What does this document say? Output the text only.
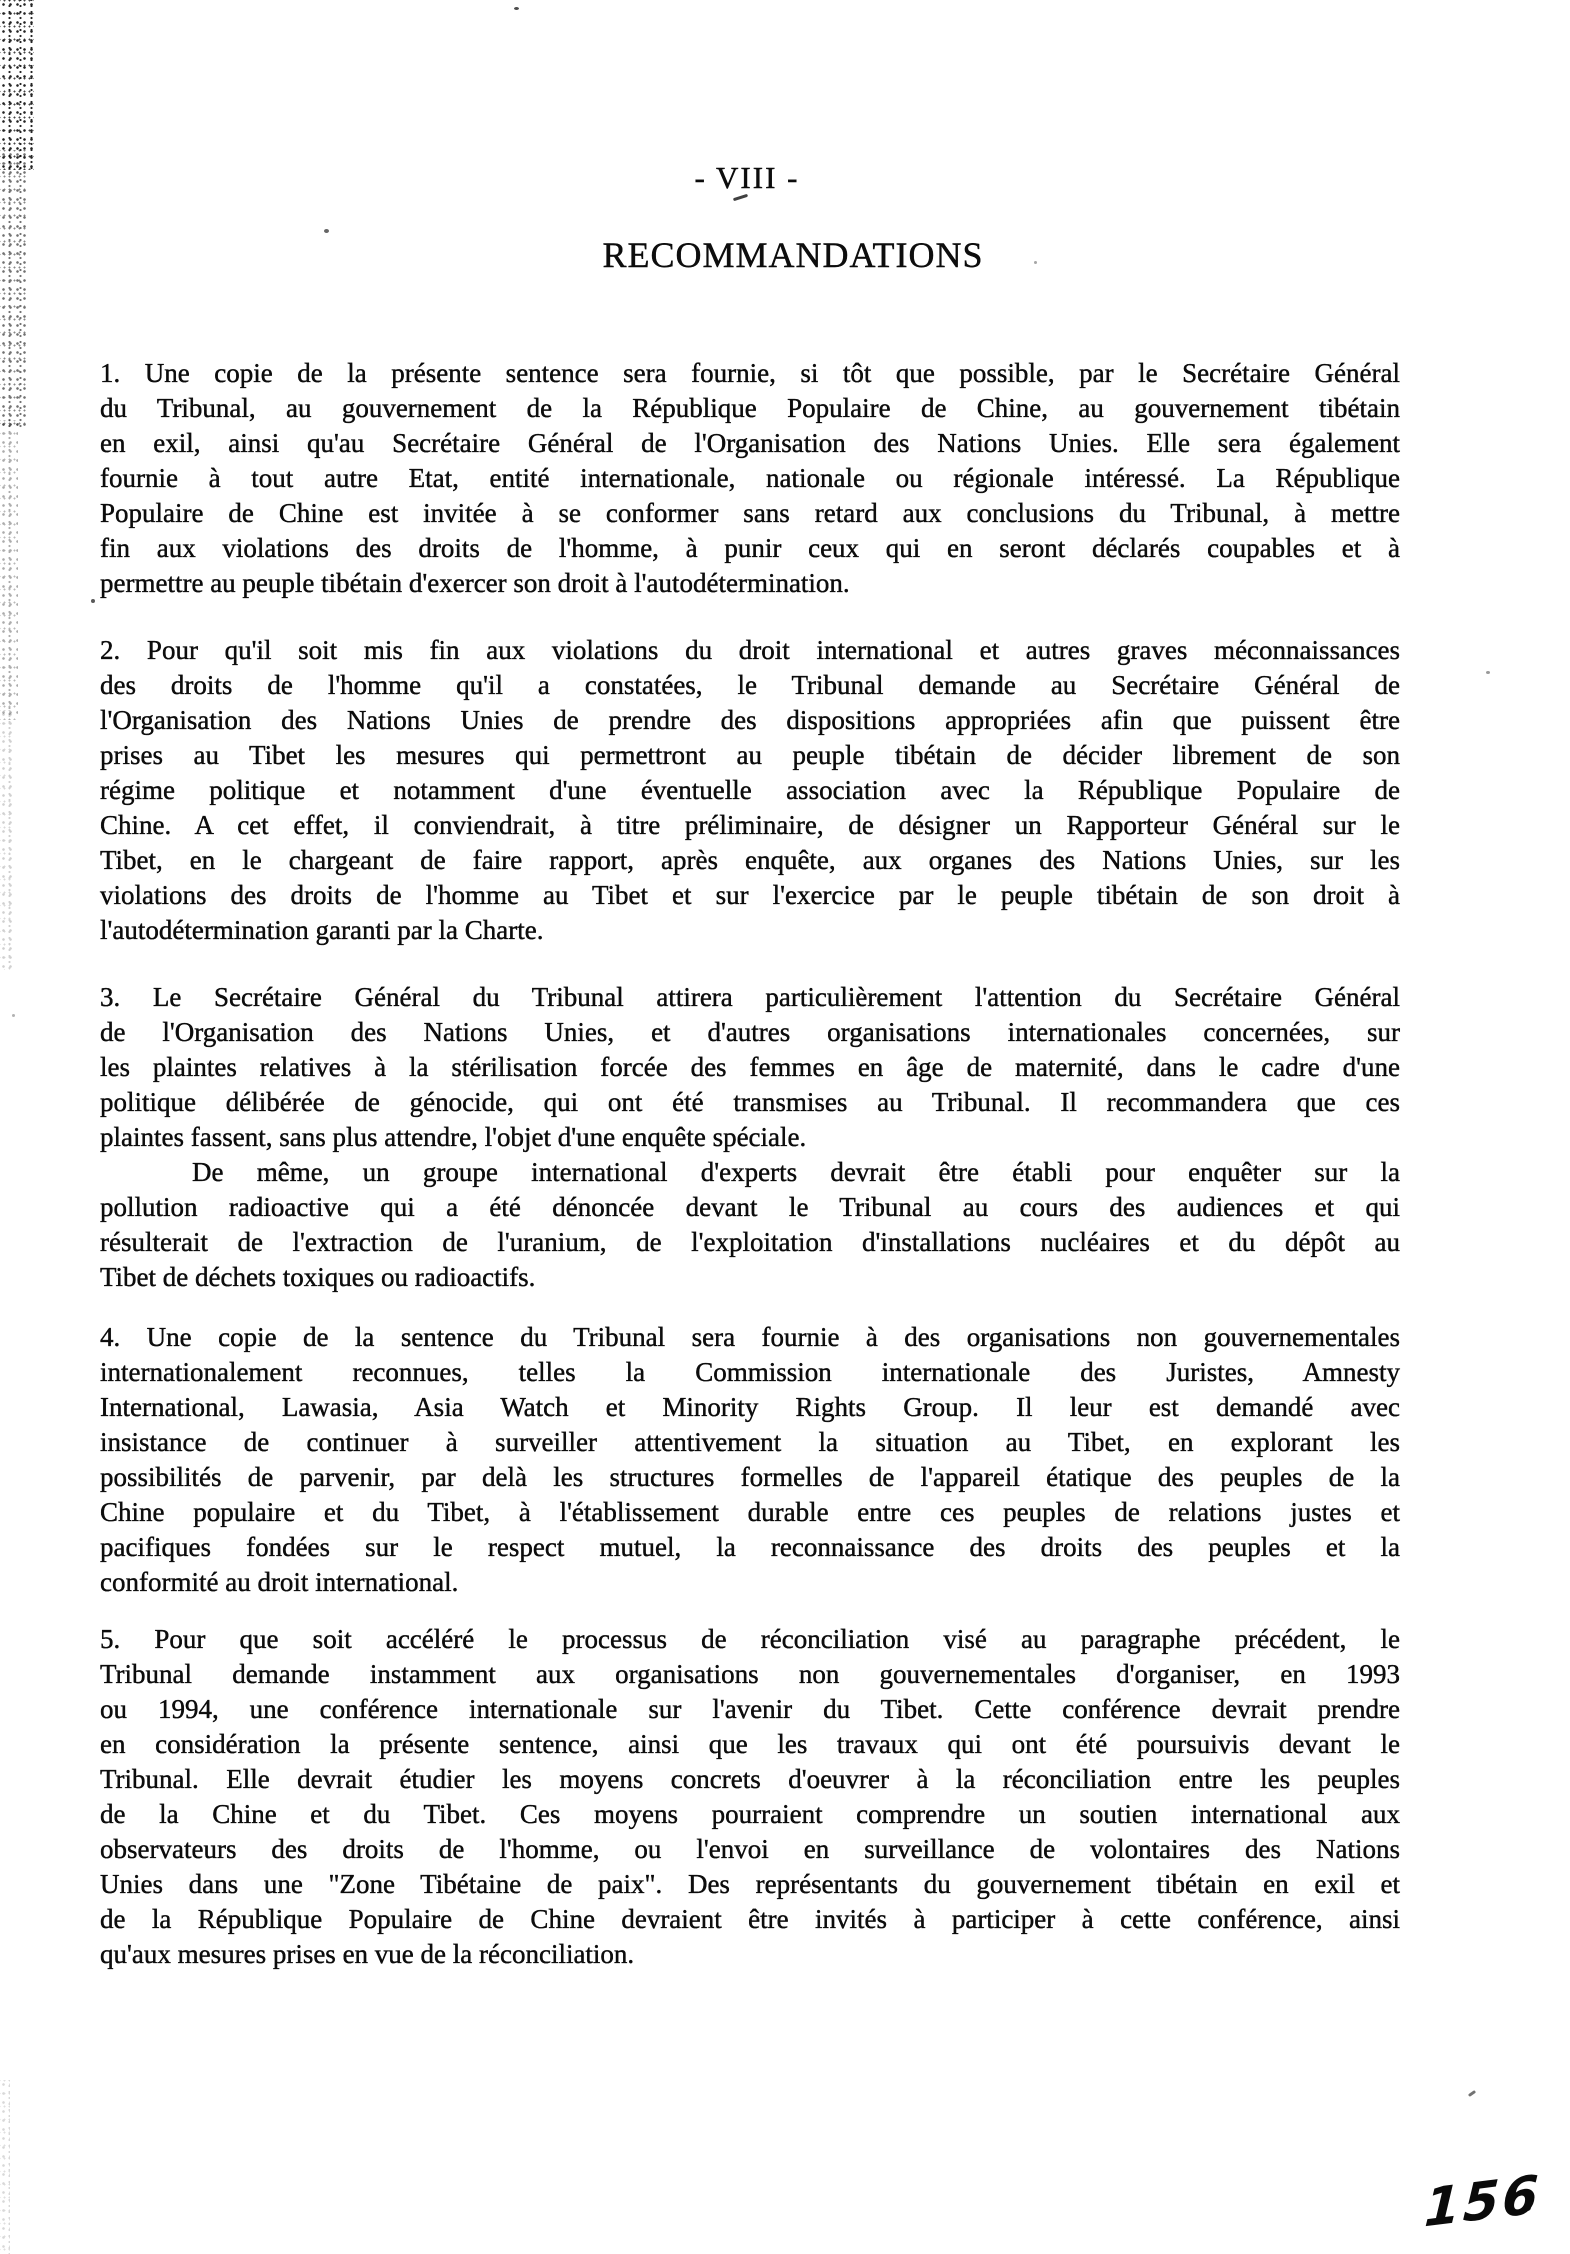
- VIII -
RECOMMANDATIONS
1. Une copie de la présente sentence sera fournie, si tôt que possible, par le Secrétaire Général
du Tribunal, au gouvernement de la République Populaire de Chine, au gouvernement tibétain
en exil, ainsi qu'au Secrétaire Général de l'Organisation des Nations Unies. Elle sera également
fournie à tout autre Etat, entité internationale, nationale ou régionale intéressé. La République
Populaire de Chine est invitée à se conformer sans retard aux conclusions du Tribunal, à mettre
fin aux violations des droits de l'homme, à punir ceux qui en seront déclarés coupables et à
permettre au peuple tibétain d'exercer son droit à l'autodétermination.
2. Pour qu'il soit mis fin aux violations du droit international et autres graves méconnaissances
des droits de l'homme qu'il a constatées, le Tribunal demande au Secrétaire Général de
l'Organisation des Nations Unies de prendre des dispositions appropriées afin que puissent être
prises au Tibet les mesures qui permettront au peuple tibétain de décider librement de son
régime politique et notamment d'une éventuelle association avec la République Populaire de
Chine. A cet effet, il conviendrait, à titre préliminaire, de désigner un Rapporteur Général sur le
Tibet, en le chargeant de faire rapport, après enquête, aux organes des Nations Unies, sur les
violations des droits de l'homme au Tibet et sur l'exercice par le peuple tibétain de son droit à
l'autodétermination garanti par la Charte.
3. Le Secrétaire Général du Tribunal attirera particulièrement l'attention du Secrétaire Général
de l'Organisation des Nations Unies, et d'autres organisations internationales concernées, sur
les plaintes relatives à la stérilisation forcée des femmes en âge de maternité, dans le cadre d'une
politique délibérée de génocide, qui ont été transmises au Tribunal. Il recommandera que ces
plaintes fassent, sans plus attendre, l'objet d'une enquête spéciale.
De même, un groupe international d'experts devrait être établi pour enquêter sur la
pollution radioactive qui a été dénoncée devant le Tribunal au cours des audiences et qui
résulterait de l'extraction de l'uranium, de l'exploitation d'installations nucléaires et du dépôt au
Tibet de déchets toxiques ou radioactifs.
4. Une copie de la sentence du Tribunal sera fournie à des organisations non gouvernementales
internationalement reconnues, telles la Commission internationale des Juristes, Amnesty
International, Lawasia, Asia Watch et Minority Rights Group. Il leur est demandé avec
insistance de continuer à surveiller attentivement la situation au Tibet, en explorant les
possibilités de parvenir, par delà les structures formelles de l'appareil étatique des peuples de la
Chine populaire et du Tibet, à l'établissement durable entre ces peuples de relations justes et
pacifiques fondées sur le respect mutuel, la reconnaissance des droits des peuples et la
conformité au droit international.
5. Pour que soit accéléré le processus de réconciliation visé au paragraphe précédent, le
Tribunal demande instamment aux organisations non gouvernementales d'organiser, en 1993
ou 1994, une conférence internationale sur l'avenir du Tibet. Cette conférence devrait prendre
en considération la présente sentence, ainsi que les travaux qui ont été poursuivis devant le
Tribunal. Elle devrait étudier les moyens concrets d'oeuvrer à la réconciliation entre les peuples
de la Chine et du Tibet. Ces moyens pourraient comprendre un soutien international aux
observateurs des droits de l'homme, ou l'envoi en surveillance de volontaires des Nations
Unies dans une "Zone Tibétaine de paix". Des représentants du gouvernement tibétain en exil et
de la République Populaire de Chine devraient être invités à participer à cette conférence, ainsi
qu'aux mesures prises en vue de la réconciliation.
156
